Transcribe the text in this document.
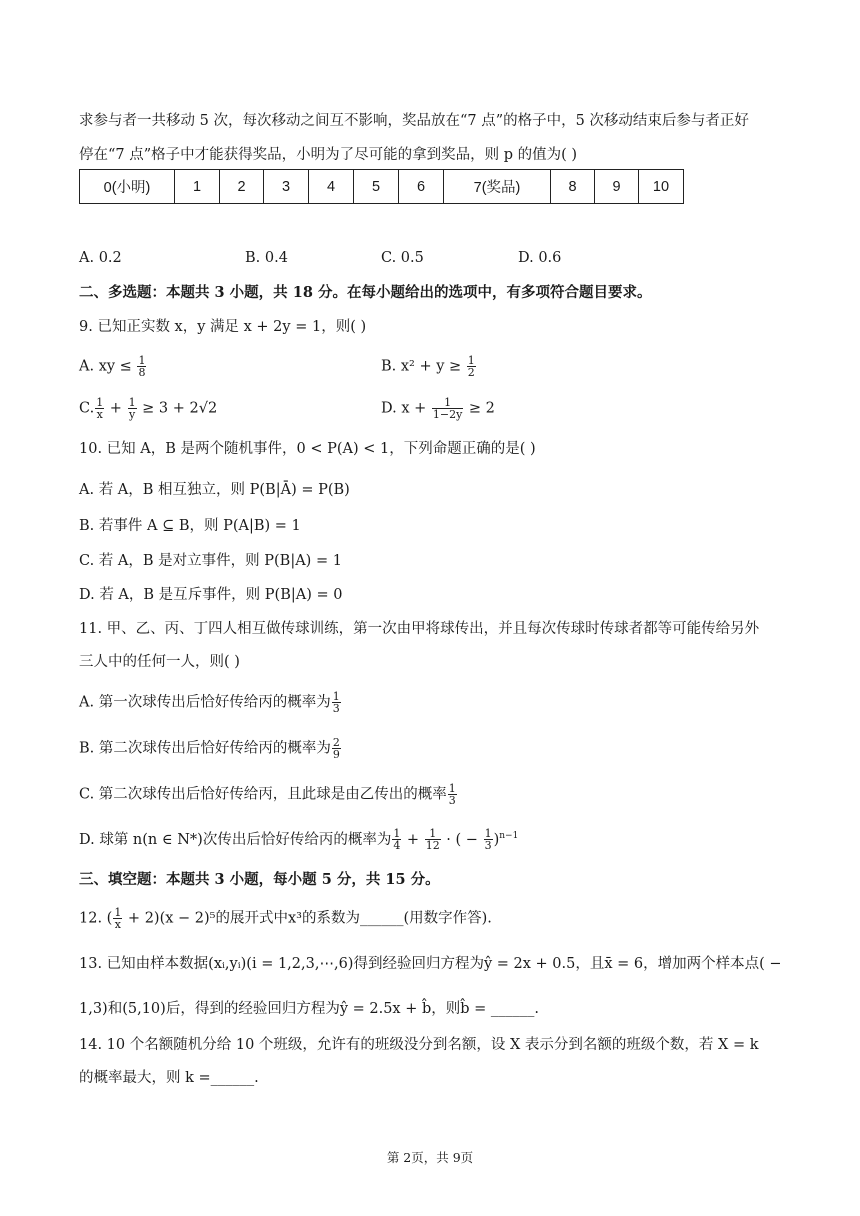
求参与者一共移动 5 次，每次移动之间互不影响，奖品放在“7 点”的格子中，5 次移动结束后参与者正好
停在“7 点”格子中才能获得奖品，小明为了尽可能的拿到奖品，则 p 的值为( )
0(小明)	1	2	3	4	5	6	7(奖品)	8	9	10
A. 0.2	B. 0.4	C. 0.5	D. 0.6
二、多选题：本题共 3 小题，共 18 分。在每小题给出的选项中，有多项符合题目要求。
9. 已知正实数 x，y 满足 x + 2y = 1，则( )
A. xy ≤ $\frac{1}{8}$	B. $x^2 + y \ge \frac{1}{2}$
C. $\frac{1}{x} + \frac{1}{y} \ge 3 + 2√2$	D. $x + \frac{1}{1-2y} \ge 2$
10. 已知 A，B 是两个随机事件，0 < P(A) < 1，下列命题正确的是( )
A. 若 A，B 相互独立，则 P(B|Ā) = P(B)
B. 若事件 A ⊆ B，则 P(A|B) = 1
C. 若 A，B 是对立事件，则 P(B|A) = 1
D. 若 A，B 是互斥事件，则 P(B|A) = 0
11. 甲、乙、丙、丁四人相互做传球训练，第一次由甲将球传出，并且每次传球时传球者都等可能传给另外
三人中的任何一人，则( )
A. 第一次球传出后恰好传给丙的概率为 $\frac{1}{3}$
B. 第二次球传出后恰好传给丙的概率为 $\frac{2}{9}$
C. 第二次球传出后恰好传给丙，且此球是由乙传出的概率 $\frac{1}{3}$
D. 球第 n(n ∈ N*)次传出后恰好传给丙的概率为 $\frac{1}{4} + \frac{1}{12}$ · ( − $\frac{1}{3} )^{n-1}$
三、填空题：本题共 3 小题，每小题 5 分，共 15 分。
12. ( $\frac{1}{x} + 2)(x - 2)^5$的展开式中x³的系数为______(用数字作答).
13. 已知由样本数据(xᵢ,yᵢ)(i = 1,2,3,⋯,6)得到经验回归方程为ŷ = 2x + 0.5，且x̄ = 6，增加两个样本点( −
1,3)和(5,10)后，得到的经验回归方程为ŷ = 2.5x + b̂，则b̂ = ______.
14. 10 个名额随机分给 10 个班级，允许有的班级没分到名额，设 X 表示分到名额的班级个数，若 X = k
的概率最大，则 k =______.
第 2页，共 9页
